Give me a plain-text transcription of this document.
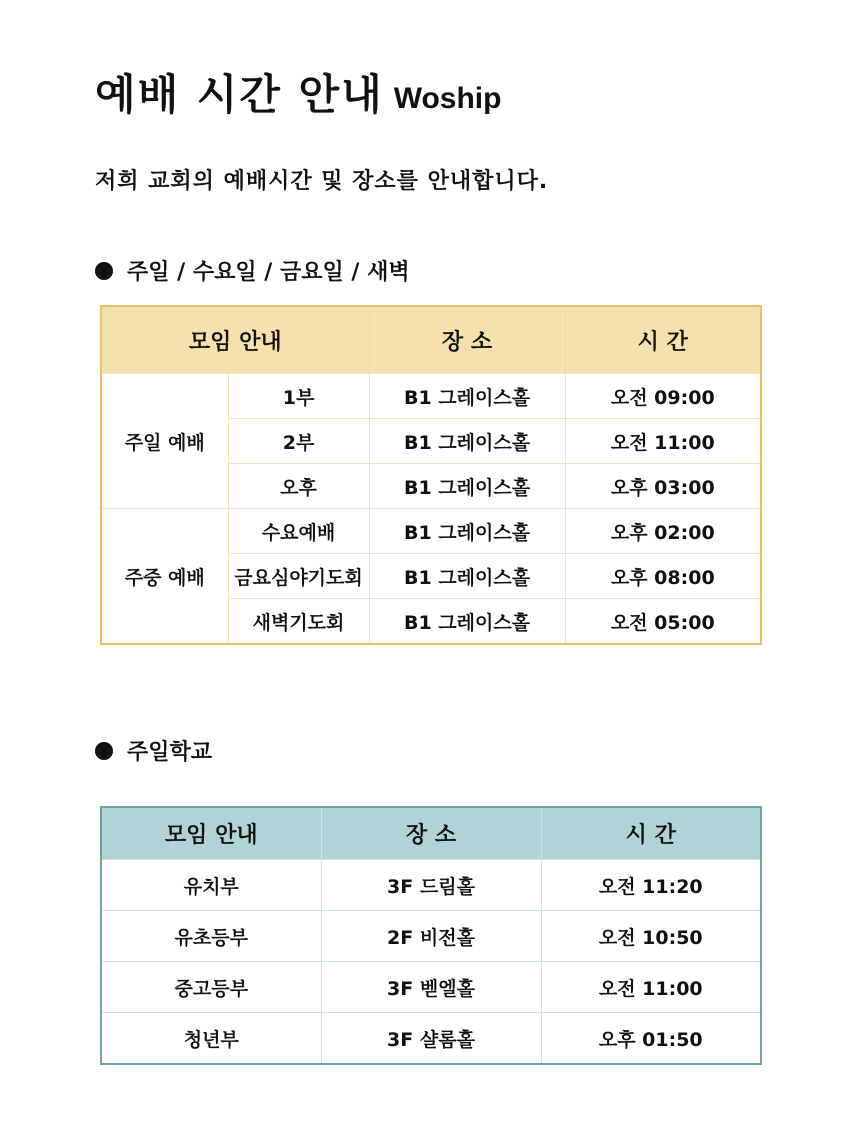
예배 시간 안내 Woship
저희 교회의 예배시간 및 장소를 안내합니다.
주일 / 수요일 / 금요일 / 새벽
모임 안내		장 소	시 간
주일 예배	1부	B1 그레이스홀	오전 09:00
	2부	B1 그레이스홀	오전 11:00
	오후	B1 그레이스홀	오후 03:00
주중 예배	수요예배	B1 그레이스홀	오후 02:00
	금요심야기도회	B1 그레이스홀	오후 08:00
	새벽기도회	B1 그레이스홀	오전 05:00
주일학교
모임 안내	장 소	시 간
유치부	3F 드림홀	오전 11:20
유초등부	2F 비전홀	오전 10:50
중고등부	3F 벧엘홀	오전 11:00
청년부	3F 샬롬홀	오후 01:50
